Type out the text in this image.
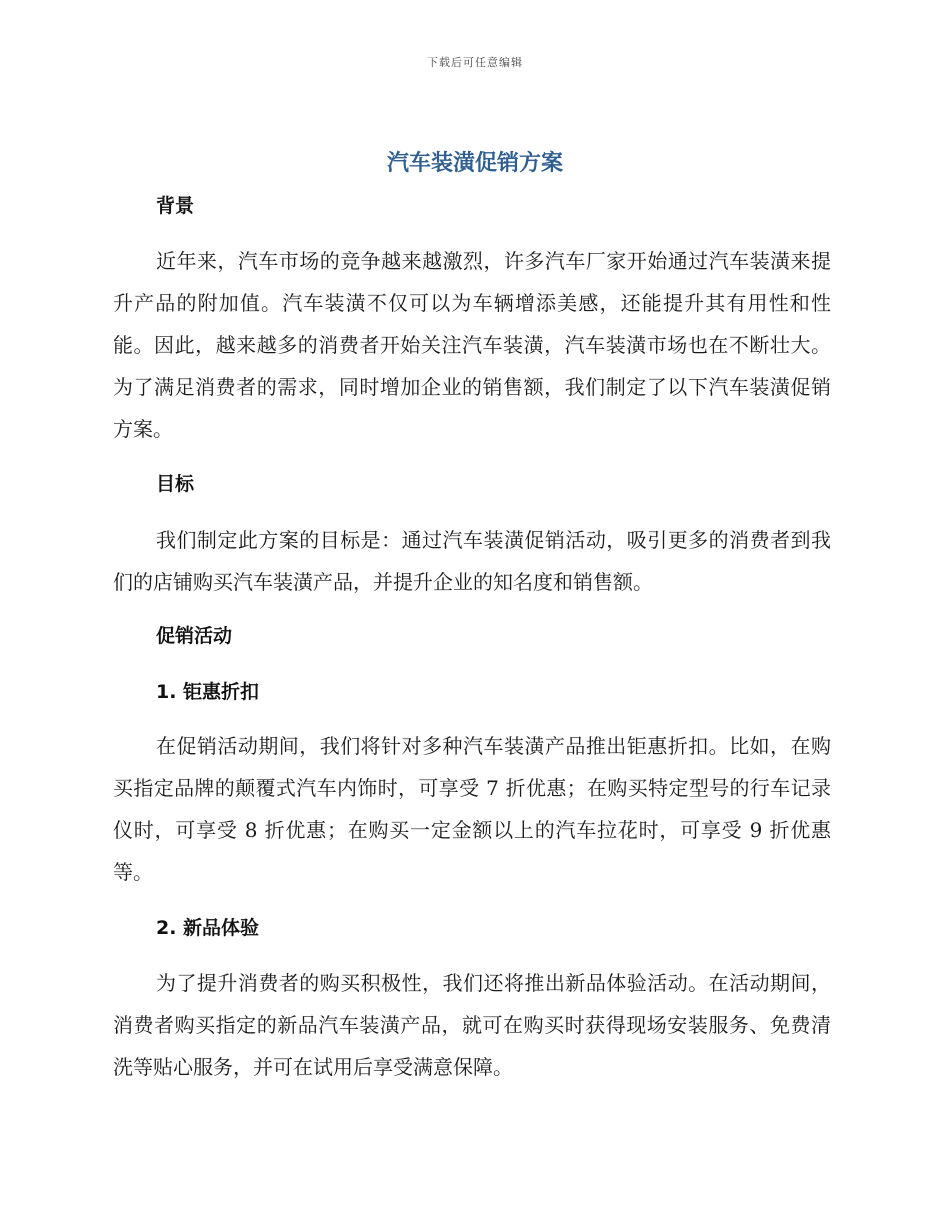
下载后可任意编辑
汽车装潢促销方案
背景

近年来，汽车市场的竞争越来越激烈，许多汽车厂家开始通过汽车装潢来提升产品的附加值。汽车装潢不仅可以为车辆增添美感，还能提升其有用性和性能。因此，越来越多的消费者开始关注汽车装潢，汽车装潢市场也在不断壮大。为了满足消费者的需求，同时增加企业的销售额，我们制定了以下汽车装潢促销方案。

目标

我们制定此方案的目标是：通过汽车装潢促销活动，吸引更多的消费者到我们的店铺购买汽车装潢产品，并提升企业的知名度和销售额。

促销活动
1. 钜惠折扣

在促销活动期间，我们将针对多种汽车装潢产品推出钜惠折扣。比如，在购买指定品牌的颠覆式汽车内饰时，可享受 7 折优惠；在购买特定型号的行车记录仪时，可享受 8 折优惠；在购买一定金额以上的汽车拉花时，可享受 9 折优惠等。

2. 新品体验

为了提升消费者的购买积极性，我们还将推出新品体验活动。在活动期间，消费者购买指定的新品汽车装潢产品，就可在购买时获得现场安装服务、免费清洗等贴心服务，并可在试用后享受满意保障。
